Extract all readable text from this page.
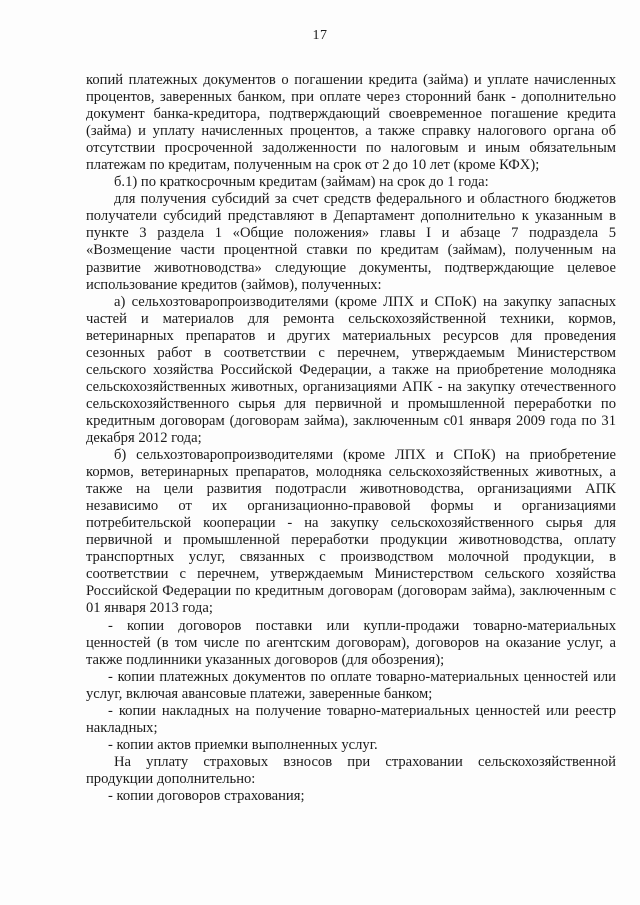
17

копий платежных документов о погашении кредита (займа) и уплате начисленных процентов, заверенных банком, при оплате через сторонний банк - дополнительно документ банка-кредитора, подтверждающий своевременное погашение кредита (займа) и уплату начисленных процентов, а также справку налогового органа об отсутствии просроченной задолженности по налоговым и иным обязательным платежам по кредитам, полученным на срок от 2 до 10 лет (кроме КФХ);

б.1) по краткосрочным кредитам (займам) на срок до 1 года:

для получения субсидий за счет средств федерального и областного бюджетов получатели субсидий представляют в Департамент дополнительно к указанным в пункте 3 раздела 1 «Общие положения» главы I и абзаце 7 подраздела 5 «Возмещение части процентной ставки по кредитам (займам), полученным на развитие животноводства» следующие документы, подтверждающие целевое использование кредитов (займов), полученных:

а) сельхозтоваропроизводителями (кроме ЛПХ и СПоК) на закупку запасных частей и материалов для ремонта сельскохозяйственной техники, кормов, ветеринарных препаратов и других материальных ресурсов для проведения сезонных работ в соответствии с перечнем, утверждаемым Министерством сельского хозяйства Российской Федерации, а также на приобретение молодняка сельскохозяйственных животных, организациями АПК - на закупку отечественного сельскохозяйственного сырья для первичной и промышленной переработки по кредитным договорам (договорам займа), заключенным с01 января 2009 года по 31 декабря 2012 года;

б) сельхозтоваропроизводителями (кроме ЛПХ и СПоК) на приобретение кормов, ветеринарных препаратов, молодняка сельскохозяйственных животных, а также на цели развития подотрасли животноводства, организациями АПК независимо от их организационно-правовой формы и организациями потребительской кооперации - на закупку сельскохозяйственного сырья для первичной и промышленной переработки продукции животноводства, оплату транспортных услуг, связанных с производством молочной продукции, в соответствии с перечнем, утверждаемым Министерством сельского хозяйства Российской Федерации по кредитным договорам (договорам займа), заключенным с 01 января 2013 года;

- копии договоров поставки или купли-продажи товарно-материальных ценностей (в том числе по агентским договорам), договоров на оказание услуг, а также подлинники указанных договоров (для обозрения);

- копии платежных документов по оплате товарно-материальных ценностей или услуг, включая авансовые платежи, заверенные банком;

- копии накладных на получение товарно-материальных ценностей или реестр накладных;

- копии актов приемки выполненных услуг.

На уплату страховых взносов при страховании сельскохозяйственной продукции дополнительно:

- копии договоров страхования;
